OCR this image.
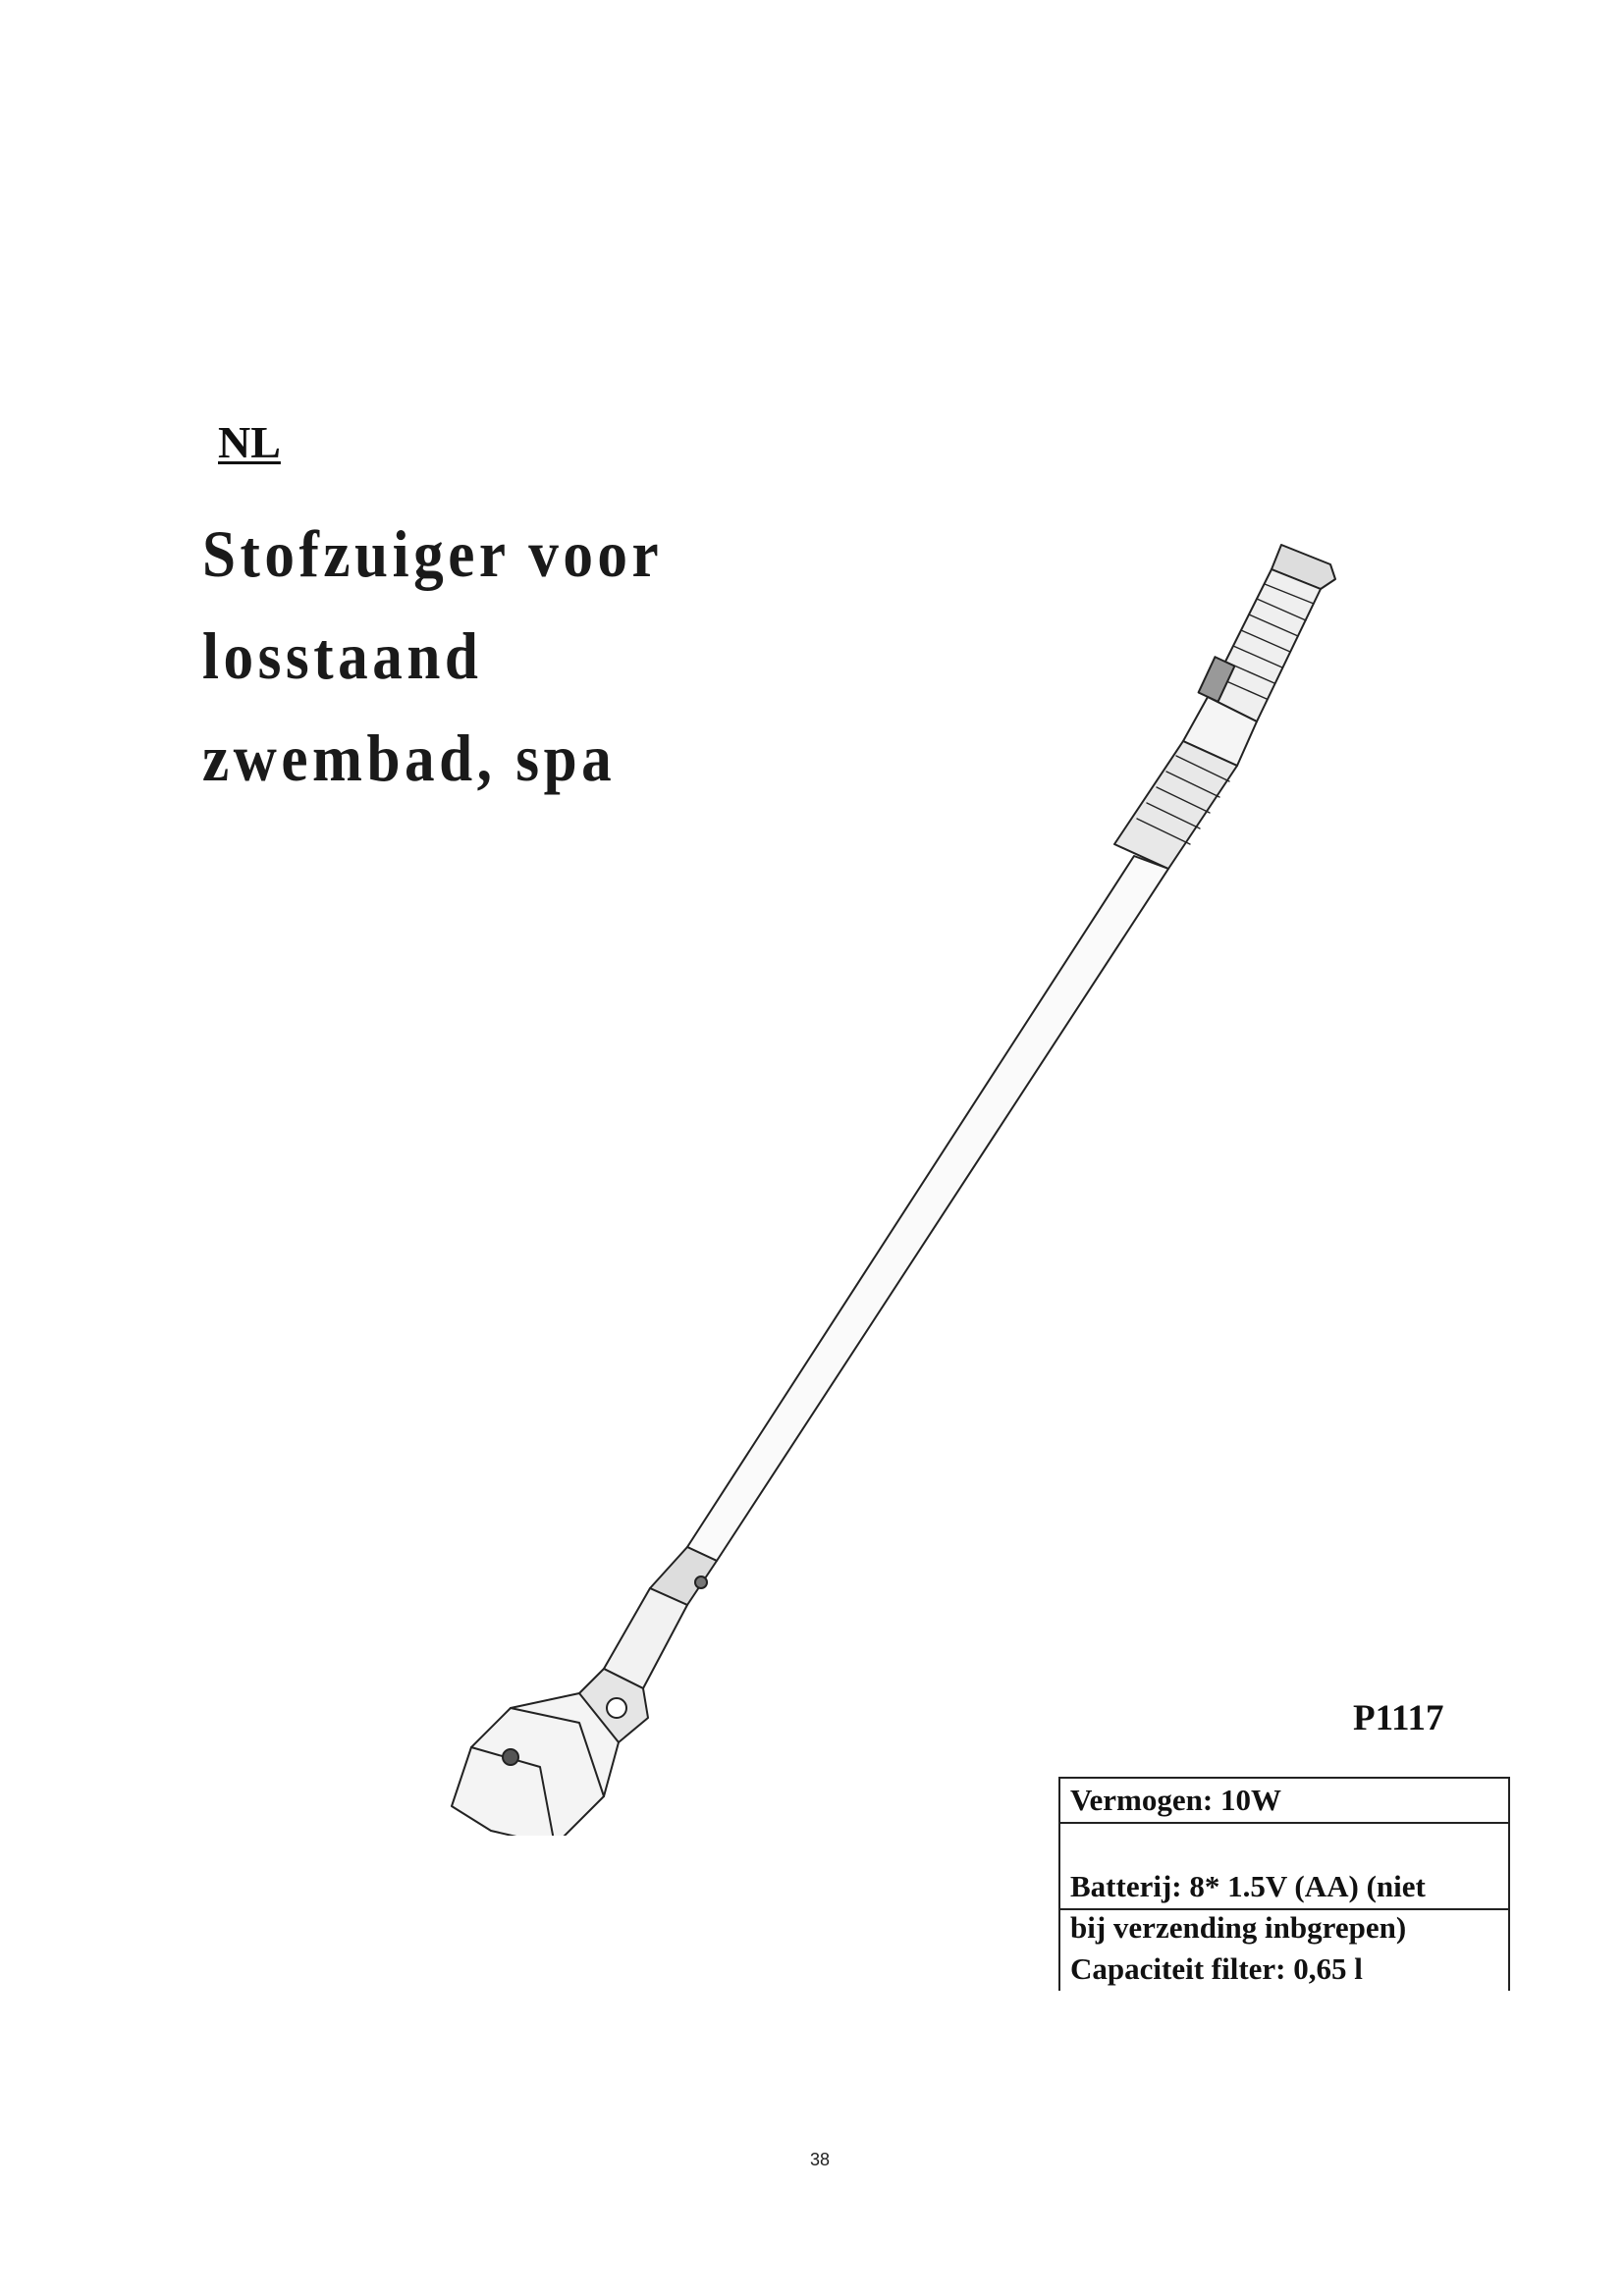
NL
Stofzuiger voor losstaand
zwembad, spa
P1117
Vermogen: 10W
Batterij: 8* 1.5V (AA) (niet
bij verzending inbgrepen)
Capaciteit filter: 0,65 l
38
